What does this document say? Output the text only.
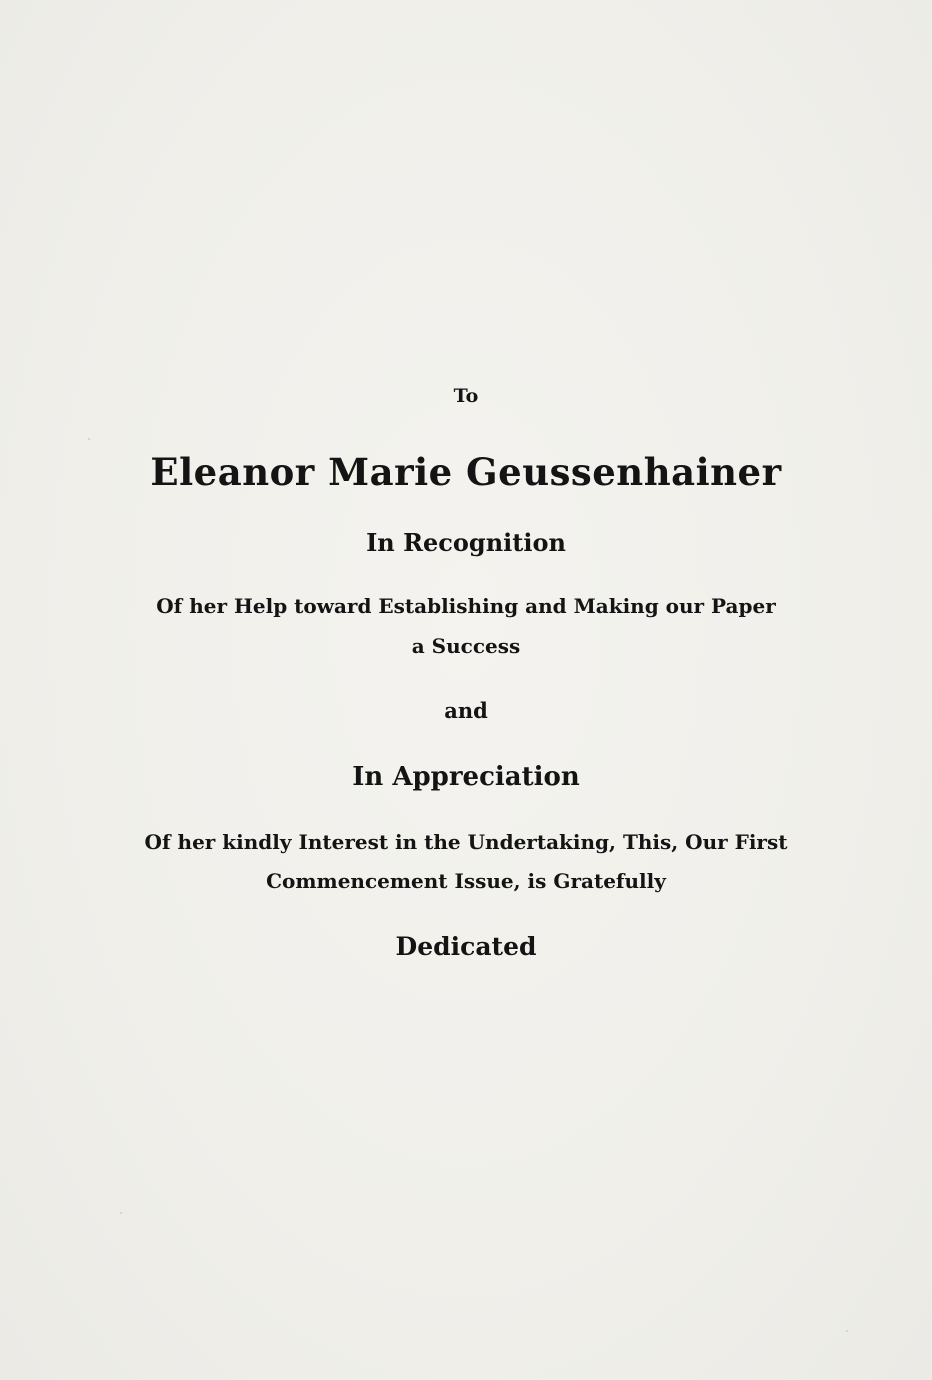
To
Eleanor Marie Geussenhainer
In Recognition
Of her Help toward Establishing and Making our Paper
a Success
and
In Appreciation
Of her kindly Interest in the Undertaking, This, Our First
Commencement Issue, is Gratefully
Dedicated
